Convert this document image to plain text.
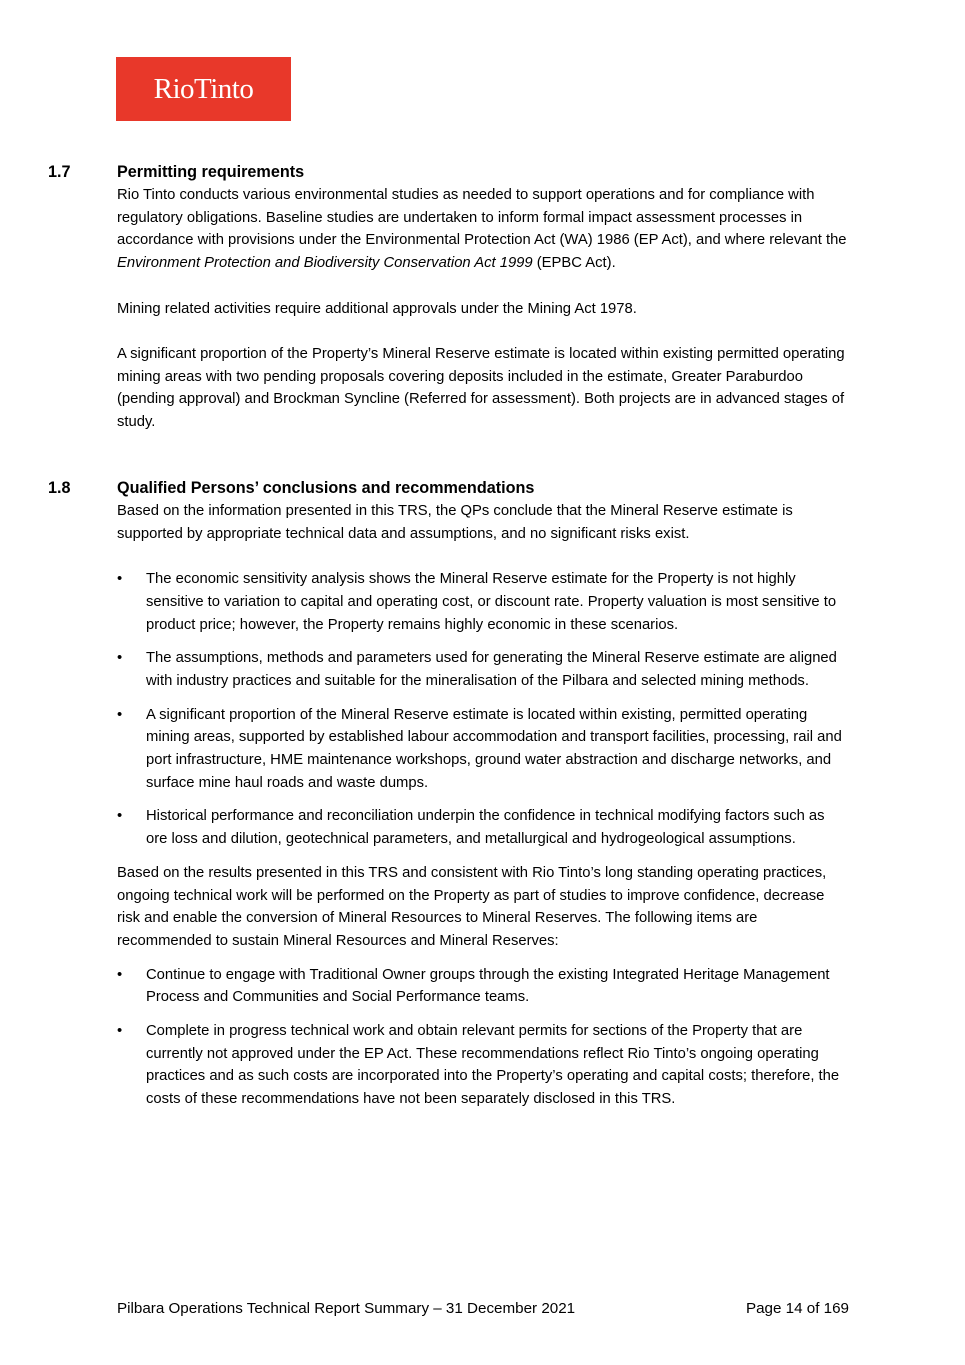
RioTinto
1.7	Permitting requirements

Rio Tinto conducts various environmental studies as needed to support operations and for compliance with regulatory obligations. Baseline studies are undertaken to inform formal impact assessment processes in accordance with provisions under the Environmental Protection Act (WA) 1986 (EP Act), and where relevant the Environment Protection and Biodiversity Conservation Act 1999 (EPBC Act).

Mining related activities require additional approvals under the Mining Act 1978.

A significant proportion of the Property’s Mineral Reserve estimate is located within existing permitted operating mining areas with two pending proposals covering deposits included in the estimate, Greater Paraburdoo (pending approval) and Brockman Syncline (Referred for assessment). Both projects are in advanced stages of study.

1.8	Qualified Persons’ conclusions and recommendations

Based on the information presented in this TRS, the QPs conclude that the Mineral Reserve estimate is supported by appropriate technical data and assumptions, and no significant risks exist.

• The economic sensitivity analysis shows the Mineral Reserve estimate for the Property is not highly sensitive to variation to capital and operating cost, or discount rate. Property valuation is most sensitive to product price; however, the Property remains highly economic in these scenarios.
• The assumptions, methods and parameters used for generating the Mineral Reserve estimate are aligned with industry practices and suitable for the mineralisation of the Pilbara and selected mining methods.
• A significant proportion of the Mineral Reserve estimate is located within existing, permitted operating mining areas, supported by established labour accommodation and transport facilities, processing, rail and port infrastructure, HME maintenance workshops, ground water abstraction and discharge networks, and surface mine haul roads and waste dumps.
• Historical performance and reconciliation underpin the confidence in technical modifying factors such as ore loss and dilution, geotechnical parameters, and metallurgical and hydrogeological assumptions.

Based on the results presented in this TRS and consistent with Rio Tinto’s long standing operating practices, ongoing technical work will be performed on the Property as part of studies to improve confidence, decrease risk and enable the conversion of Mineral Resources to Mineral Reserves. The following items are recommended to sustain Mineral Resources and Mineral Reserves:

• Continue to engage with Traditional Owner groups through the existing Integrated Heritage Management Process and Communities and Social Performance teams.
• Complete in progress technical work and obtain relevant permits for sections of the Property that are currently not approved under the EP Act. These recommendations reflect Rio Tinto’s ongoing operating practices and as such costs are incorporated into the Property’s operating and capital costs; therefore, the costs of these recommendations have not been separately disclosed in this TRS.
Pilbara Operations Technical Report Summary – 31 December 2021	Page 14 of 169
